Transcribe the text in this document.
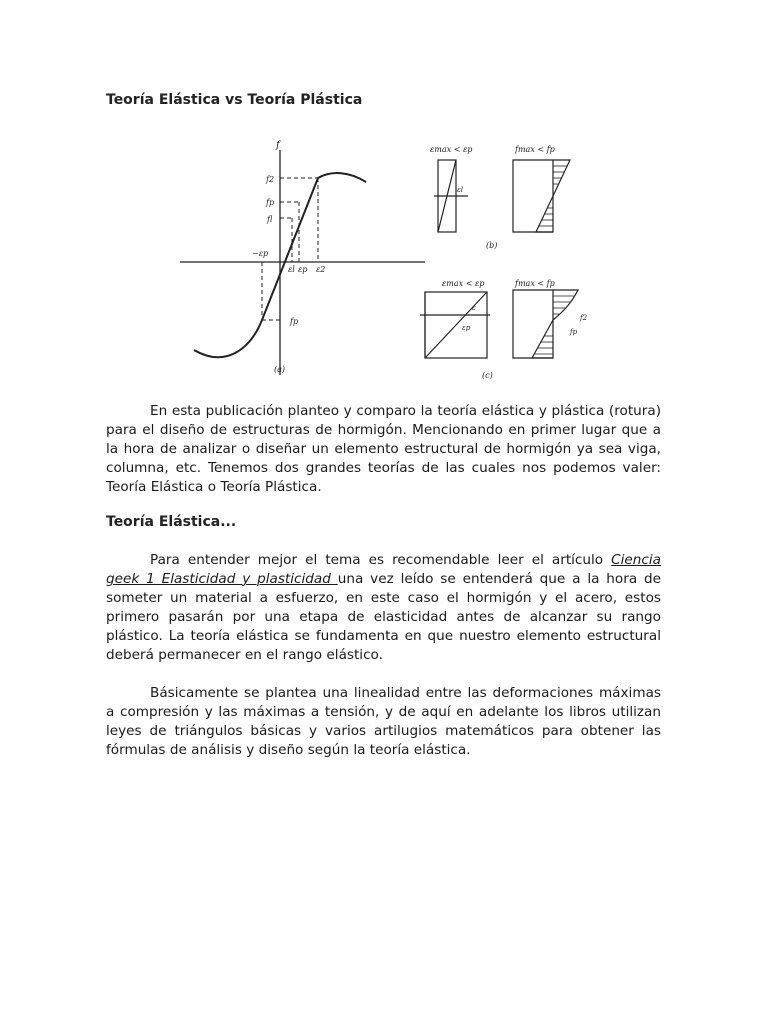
Teoría Elástica vs Teoría Plástica
f
f2
fp
fl
−εp
fp
εl εp ε2
(a)
εmax < εp
εl
fmax < fp
(b)
εmax < εp
ε
εp
fmax < fp
f2
fp
(c)

En esta publicación planteo y comparo la teoría elástica y plástica (rotura) para el diseño de estructuras de hormigón. Mencionando en primer lugar que a la hora de analizar o diseñar un elemento estructural de hormigón ya sea viga, columna, etc. Tenemos dos grandes teorías de las cuales nos podemos valer: Teoría Elástica o Teoría Plástica.

Teoría Elástica...

Para entender mejor el tema es recomendable leer el artículo Ciencia geek 1 Elasticidad y plasticidad una vez leído se entenderá que a la hora de someter un material a esfuerzo, en este caso el hormigón y el acero, estos primero pasarán por una etapa de elasticidad antes de alcanzar su rango plástico. La teoría elástica se fundamenta en que nuestro elemento estructural deberá permanecer en el rango elástico.

Básicamente se plantea una linealidad entre las deformaciones máximas a compresión y las máximas a tensión, y de aquí en adelante los libros utilizan leyes de triángulos básicas y varios artilugios matemáticos para obtener las fórmulas de análisis y diseño según la teoría elástica.
